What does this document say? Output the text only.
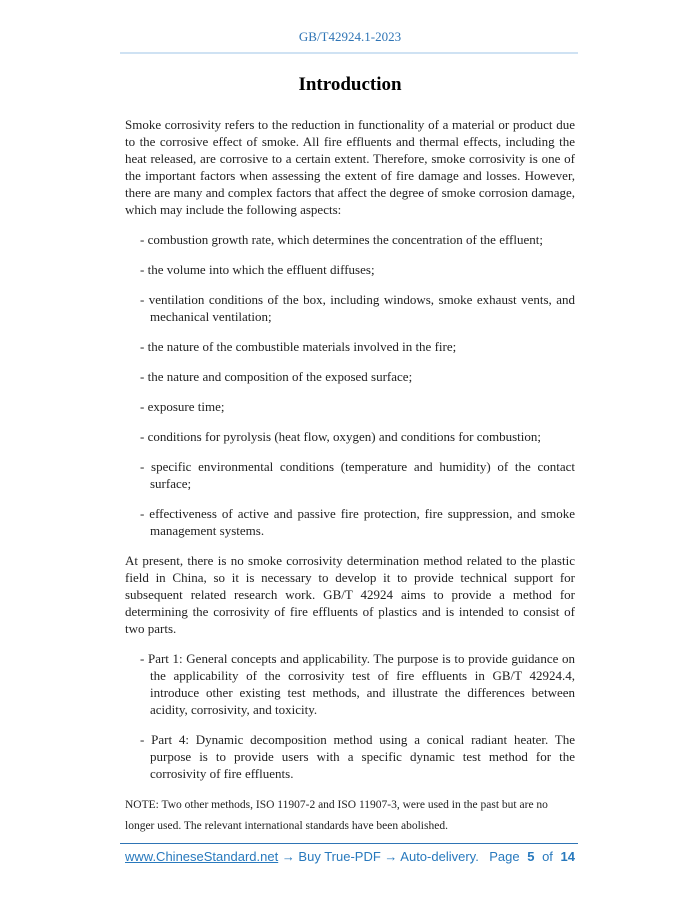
GB/T42924.1-2023
Introduction
Smoke corrosivity refers to the reduction in functionality of a material or product due to the corrosive effect of smoke. All fire effluents and thermal effects, including the heat released, are corrosive to a certain extent. Therefore, smoke corrosivity is one of the important factors when assessing the extent of fire damage and losses. However, there are many and complex factors that affect the degree of smoke corrosion damage, which may include the following aspects:
- combustion growth rate, which determines the concentration of the effluent;
- the volume into which the effluent diffuses;
- ventilation conditions of the box, including windows, smoke exhaust vents, and mechanical ventilation;
- the nature of the combustible materials involved in the fire;
- the nature and composition of the exposed surface;
- exposure time;
- conditions for pyrolysis (heat flow, oxygen) and conditions for combustion;
- specific environmental conditions (temperature and humidity) of the contact surface;
- effectiveness of active and passive fire protection, fire suppression, and smoke management systems.
At present, there is no smoke corrosivity determination method related to the plastic field in China, so it is necessary to develop it to provide technical support for subsequent related research work. GB/T 42924 aims to provide a method for determining the corrosivity of fire effluents of plastics and is intended to consist of two parts.
- Part 1: General concepts and applicability. The purpose is to provide guidance on the applicability of the corrosivity test of fire effluents in GB/T 42924.4, introduce other existing test methods, and illustrate the differences between acidity, corrosivity, and toxicity.
- Part 4: Dynamic decomposition method using a conical radiant heater. The purpose is to provide users with a specific dynamic test method for the corrosivity of fire effluents.
NOTE: Two other methods, ISO 11907-2 and ISO 11907-3, were used in the past but are no longer used. The relevant international standards have been abolished.
www.ChineseStandard.net → Buy True-PDF → Auto-delivery. Page 5 of 14
